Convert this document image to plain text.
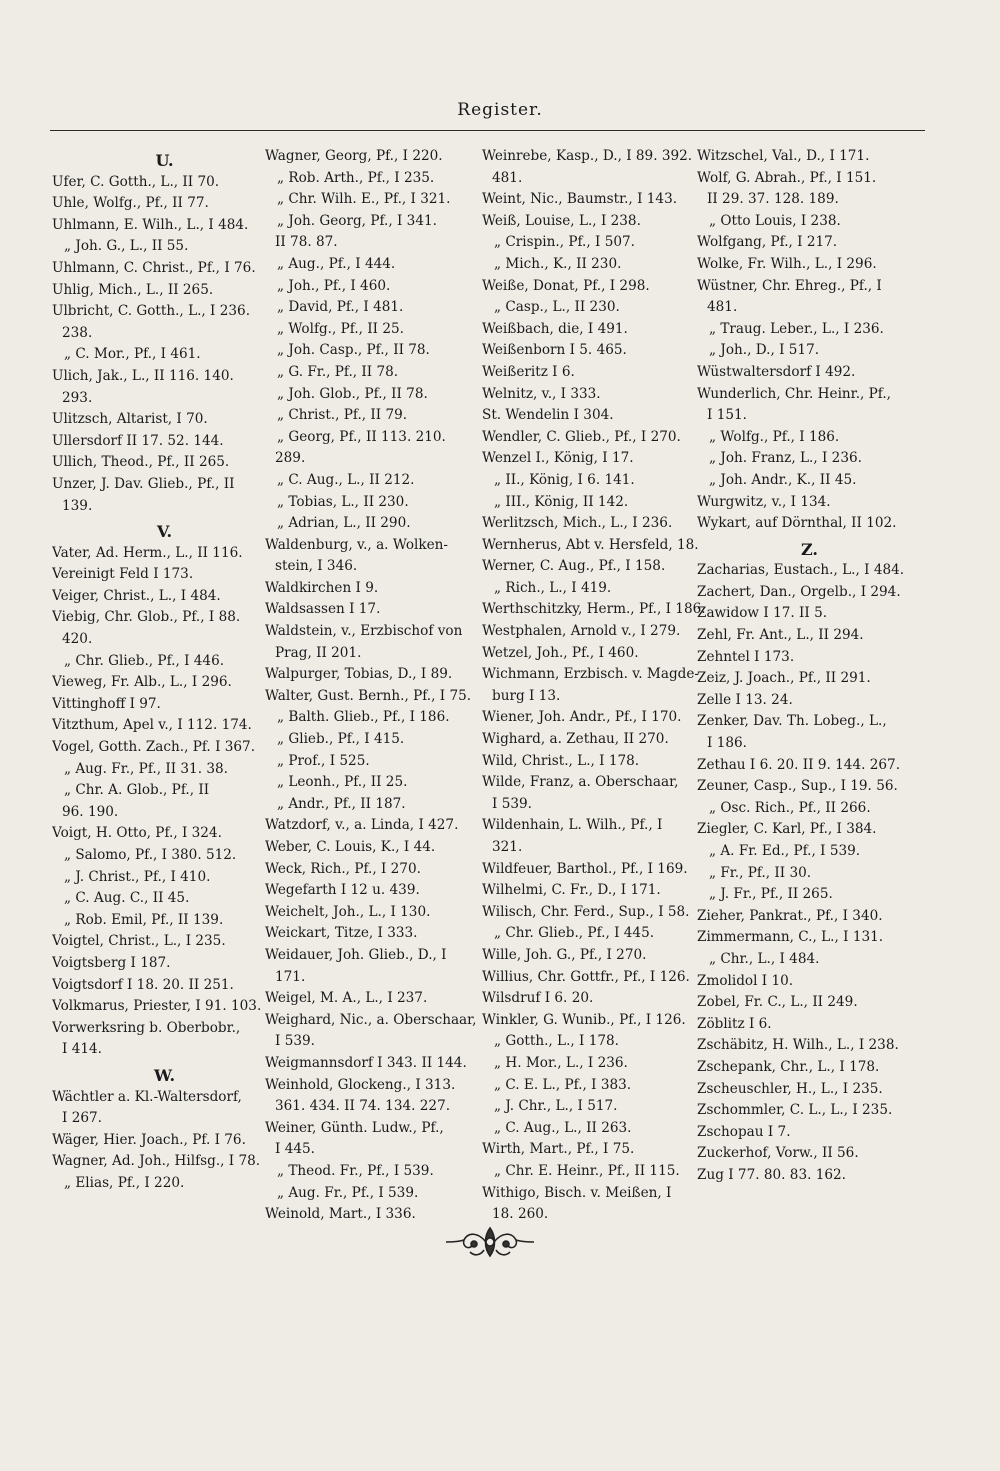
Register.
U.
Ufer, C. Gotth., L., II 70.
Uhle, Wolfg., Pf., II 77.
Uhlmann, E. Wilh., L., I 484.
„ Joh. G., L., II 55.
Uhlmann, C. Christ., Pf., I 76.
Uhlig, Mich., L., II 265.
Ulbricht, C. Gotth., L., I 236.
238.
„ C. Mor., Pf., I 461.
Ulich, Jak., L., II 116. 140.
293.
Ulitzsch, Altarist, I 70.
Ullersdorf II 17. 52. 144.
Ullich, Theod., Pf., II 265.
Unzer, J. Dav. Glieb., Pf., II
139.
V.
Vater, Ad. Herm., L., II 116.
Vereinigt Feld I 173.
Veiger, Christ., L., I 484.
Viebig, Chr. Glob., Pf., I 88.
420.
„ Chr. Glieb., Pf., I 446.
Vieweg, Fr. Alb., L., I 296.
Vittinghoff I 97.
Vitzthum, Apel v., I 112. 174.
Vogel, Gotth. Zach., Pf. I 367.
„ Aug. Fr., Pf., II 31. 38.
„ Chr. A. Glob., Pf., II
96. 190.
Voigt, H. Otto, Pf., I 324.
„ Salomo, Pf., I 380. 512.
„ J. Christ., Pf., I 410.
„ C. Aug. C., II 45.
„ Rob. Emil, Pf., II 139.
Voigtel, Christ., L., I 235.
Voigtsberg I 187.
Voigtsdorf I 18. 20. II 251.
Volkmarus, Priester, I 91. 103.
Vorwerksring b. Oberbobr.,
I 414.
W.
Wächtler a. Kl.-Waltersdorf,
I 267.
Wäger, Hier. Joach., Pf. I 76.
Wagner, Ad. Joh., Hilfsg., I 78.
„ Elias, Pf., I 220.
Wagner, Georg, Pf., I 220.
„ Rob. Arth., Pf., I 235.
„ Chr. Wilh. E., Pf., I 321.
„ Joh. Georg, Pf., I 341.
II 78. 87.
„ Aug., Pf., I 444.
„ Joh., Pf., I 460.
„ David, Pf., I 481.
„ Wolfg., Pf., II 25.
„ Joh. Casp., Pf., II 78.
„ G. Fr., Pf., II 78.
„ Joh. Glob., Pf., II 78.
„ Christ., Pf., II 79.
„ Georg, Pf., II 113. 210.
289.
„ C. Aug., L., II 212.
„ Tobias, L., II 230.
„ Adrian, L., II 290.
Waldenburg, v., a. Wolken-
stein, I 346.
Waldkirchen I 9.
Waldsassen I 17.
Waldstein, v., Erzbischof von
Prag, II 201.
Walpurger, Tobias, D., I 89.
Walter, Gust. Bernh., Pf., I 75.
„ Balth. Glieb., Pf., I 186.
„ Glieb., Pf., I 415.
„ Prof., I 525.
„ Leonh., Pf., II 25.
„ Andr., Pf., II 187.
Watzdorf, v., a. Linda, I 427.
Weber, C. Louis, K., I 44.
Weck, Rich., Pf., I 270.
Wegefarth I 12 u. 439.
Weichelt, Joh., L., I 130.
Weickart, Titze, I 333.
Weidauer, Joh. Glieb., D., I
171.
Weigel, M. A., L., I 237.
Weighard, Nic., a. Oberschaar,
I 539.
Weigmannsdorf I 343. II 144.
Weinhold, Glockeng., I 313.
361. 434. II 74. 134. 227.
Weiner, Günth. Ludw., Pf.,
I 445.
„ Theod. Fr., Pf., I 539.
„ Aug. Fr., Pf., I 539.
Weinold, Mart., I 336.
Weinrebe, Kasp., D., I 89. 392.
481.
Weint, Nic., Baumstr., I 143.
Weiß, Louise, L., I 238.
„ Crispin., Pf., I 507.
„ Mich., K., II 230.
Weiße, Donat, Pf., I 298.
„ Casp., L., II 230.
Weißbach, die, I 491.
Weißenborn I 5. 465.
Weißeritz I 6.
Welnitz, v., I 333.
St. Wendelin I 304.
Wendler, C. Glieb., Pf., I 270.
Wenzel I., König, I 17.
„ II., König, I 6. 141.
„ III., König, II 142.
Werlitzsch, Mich., L., I 236.
Wernherus, Abt v. Hersfeld, 18.
Werner, C. Aug., Pf., I 158.
„ Rich., L., I 419.
Werthschitzky, Herm., Pf., I 186.
Westphalen, Arnold v., I 279.
Wetzel, Joh., Pf., I 460.
Wichmann, Erzbisch. v. Magde-
burg I 13.
Wiener, Joh. Andr., Pf., I 170.
Wighard, a. Zethau, II 270.
Wild, Christ., L., I 178.
Wilde, Franz, a. Oberschaar,
I 539.
Wildenhain, L. Wilh., Pf., I
321.
Wildfeuer, Barthol., Pf., I 169.
Wilhelmi, C. Fr., D., I 171.
Wilisch, Chr. Ferd., Sup., I 58.
„ Chr. Glieb., Pf., I 445.
Wille, Joh. G., Pf., I 270.
Willius, Chr. Gottfr., Pf., I 126.
Wilsdruf I 6. 20.
Winkler, G. Wunib., Pf., I 126.
„ Gotth., L., I 178.
„ H. Mor., L., I 236.
„ C. E. L., Pf., I 383.
„ J. Chr., L., I 517.
„ C. Aug., L., II 263.
Wirth, Mart., Pf., I 75.
„ Chr. E. Heinr., Pf., II 115.
Withigo, Bisch. v. Meißen, I
18. 260.
Witzschel, Val., D., I 171.
Wolf, G. Abrah., Pf., I 151.
II 29. 37. 128. 189.
„ Otto Louis, I 238.
Wolfgang, Pf., I 217.
Wolke, Fr. Wilh., L., I 296.
Wüstner, Chr. Ehreg., Pf., I
481.
„ Traug. Leber., L., I 236.
„ Joh., D., I 517.
Wüstwaltersdorf I 492.
Wunderlich, Chr. Heinr., Pf.,
I 151.
„ Wolfg., Pf., I 186.
„ Joh. Franz, L., I 236.
„ Joh. Andr., K., II 45.
Wurgwitz, v., I 134.
Wykart, auf Dörnthal, II 102.
Z.
Zacharias, Eustach., L., I 484.
Zachert, Dan., Orgelb., I 294.
Zawidow I 17. II 5.
Zehl, Fr. Ant., L., II 294.
Zehntel I 173.
Zeiz, J. Joach., Pf., II 291.
Zelle I 13. 24.
Zenker, Dav. Th. Lobeg., L.,
I 186.
Zethau I 6. 20. II 9. 144. 267.
Zeuner, Casp., Sup., I 19. 56.
„ Osc. Rich., Pf., II 266.
Ziegler, C. Karl, Pf., I 384.
„ A. Fr. Ed., Pf., I 539.
„ Fr., Pf., II 30.
„ J. Fr., Pf., II 265.
Zieher, Pankrat., Pf., I 340.
Zimmermann, C., L., I 131.
„ Chr., L., I 484.
Zmolidol I 10.
Zobel, Fr. C., L., II 249.
Zöblitz I 6.
Zschäbitz, H. Wilh., L., I 238.
Zschepank, Chr., L., I 178.
Zscheuschler, H., L., I 235.
Zschommler, C. L., L., I 235.
Zschopau I 7.
Zuckerhof, Vorw., II 56.
Zug I 77. 80. 83. 162.
